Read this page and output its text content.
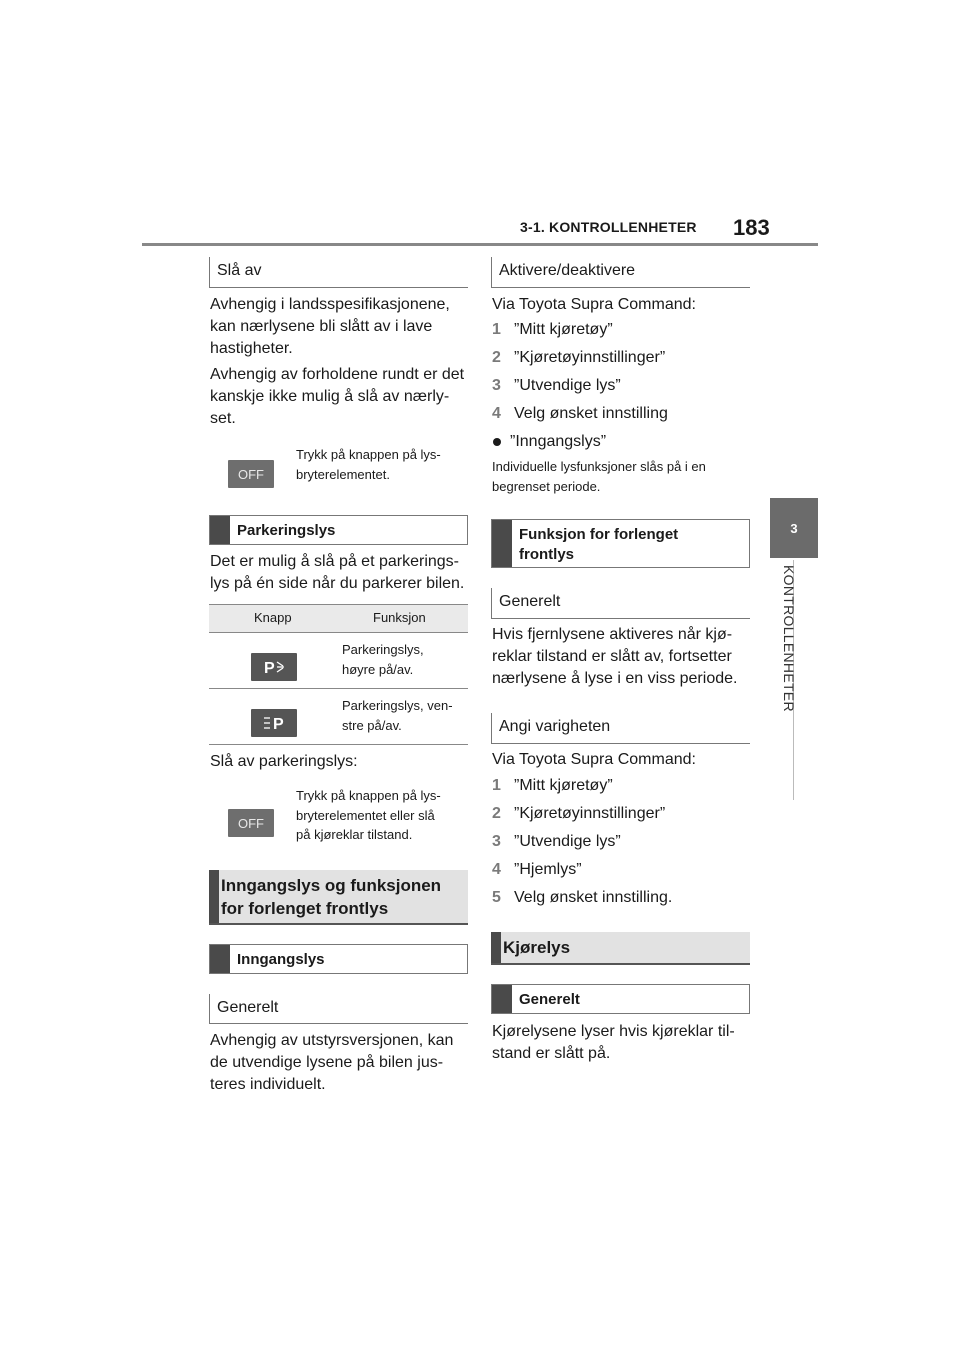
3-1. KONTROLLENHETER 183
3
KONTROLLENHETER
Slå av
Avhengig i landsspesifikasjonene,
kan nærlysene bli slått av i lave
hastigheter.
Avhengig av forholdene rundt er det
kanskje ikke mulig å slå av nærly-
set.
OFF
Trykk på knappen på lys-
bryterelementet.
Parkeringslys
Det er mulig å slå på et parkerings-
lys på én side når du parkerer bilen.
Knapp	Funksjon
P
Parkeringslys,
høyre på/av.
P
Parkeringslys, ven-
stre på/av.
Slå av parkeringslys:
OFF
Trykk på knappen på lys-
bryterelementet eller slå
på kjøreklar tilstand.
Inngangslys og funksjonen
for forlenget frontlys
Inngangslys
Generelt
Avhengig av utstyrsversjonen, kan
de utvendige lysene på bilen jus-
teres individuelt.
Aktivere/deaktivere
Via Toyota Supra Command:
1 ”Mitt kjøretøy”
2 ”Kjøretøyinnstillinger”
3 ”Utvendige lys”
4 Velg ønsket innstilling
”Inngangslys”
Individuelle lysfunksjoner slås på i en
begrenset periode.
Funksjon for forlenget
frontlys
Generelt
Hvis fjernlysene aktiveres når kjø-
reklar tilstand er slått av, fortsetter
nærlysene å lyse i en viss periode.
Angi varigheten
Via Toyota Supra Command:
1 ”Mitt kjøretøy”
2 ”Kjøretøyinnstillinger”
3 ”Utvendige lys”
4 ”Hjemlys”
5 Velg ønsket innstilling.
Kjørelys
Generelt
Kjørelysene lyser hvis kjøreklar til-
stand er slått på.
